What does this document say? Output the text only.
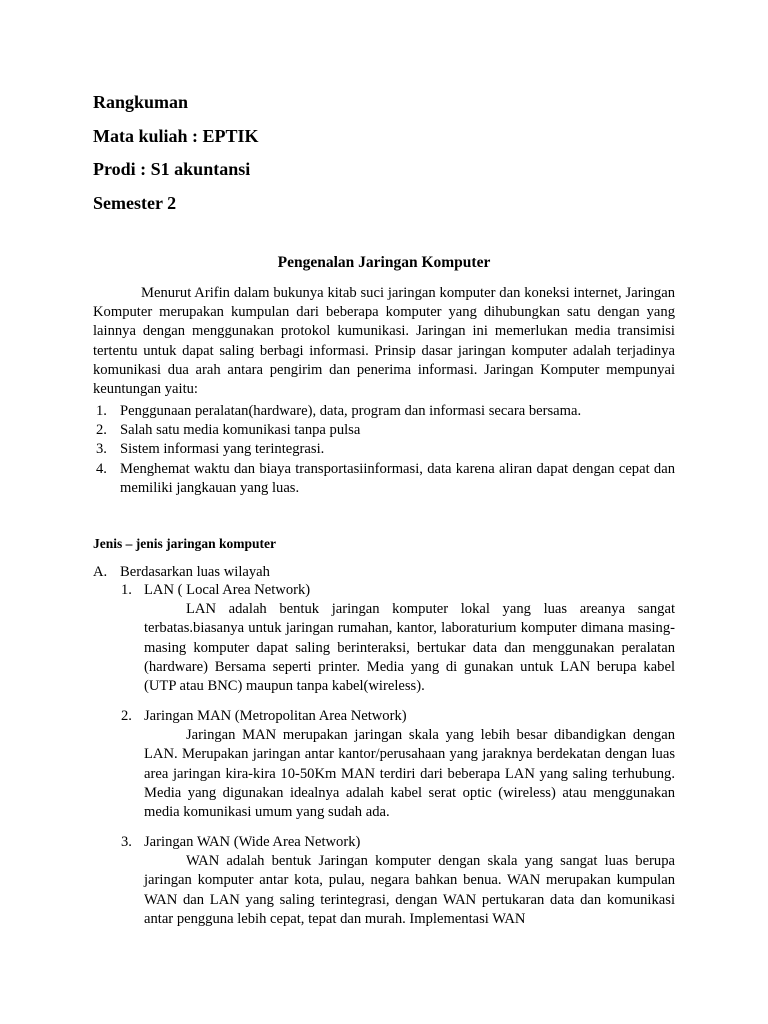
Rangkuman

Mata kuliah : EPTIK

Prodi : S1 akuntansi

Semester 2

Pengenalan Jaringan Komputer

Menurut Arifin dalam bukunya kitab suci jaringan komputer dan koneksi internet, Jaringan Komputer merupakan kumpulan dari beberapa komputer yang dihubungkan satu dengan yang lainnya dengan menggunakan protokol kumunikasi. Jaringan ini memerlukan media transimisi tertentu untuk dapat saling berbagi informasi. Prinsip dasar jaringan komputer adalah terjadinya komunikasi dua arah antara pengirim dan penerima informasi. Jaringan Komputer mempunyai keuntungan yaitu:

1. Penggunaan peralatan(hardware), data, program dan informasi secara bersama.
2. Salah satu media komunikasi tanpa pulsa
3. Sistem informasi yang terintegrasi.
4. Menghemat waktu dan biaya transportasiinformasi, data karena aliran dapat dengan cepat dan memiliki jangkauan yang luas.

Jenis – jenis jaringan komputer

A. Berdasarkan luas wilayah
1. LAN ( Local Area Network)

LAN adalah bentuk jaringan komputer lokal yang luas areanya sangat terbatas.biasanya untuk jaringan rumahan, kantor, laboraturium komputer dimana masing-masing komputer dapat saling berinteraksi, bertukar data dan menggunakan peralatan (hardware) Bersama seperti printer. Media yang di gunakan untuk LAN berupa kabel (UTP atau BNC) maupun tanpa kabel(wireless).

2. Jaringan MAN (Metropolitan Area Network)

Jaringan MAN merupakan jaringan skala yang lebih besar dibandigkan dengan LAN. Merupakan jaringan antar kantor/perusahaan yang jaraknya berdekatan dengan luas area jaringan kira-kira 10-50Km MAN terdiri dari beberapa LAN yang saling terhubung. Media yang digunakan idealnya adalah kabel serat optic (wireless) atau menggunakan media komunikasi umum yang sudah ada.

3. Jaringan WAN (Wide Area Network)

WAN adalah bentuk Jaringan komputer dengan skala yang sangat luas berupa jaringan komputer antar kota, pulau, negara bahkan benua. WAN merupakan kumpulan WAN dan LAN yang saling terintegrasi, dengan WAN pertukaran data dan komunikasi antar pengguna lebih cepat, tepat dan murah. Implementasi WAN
